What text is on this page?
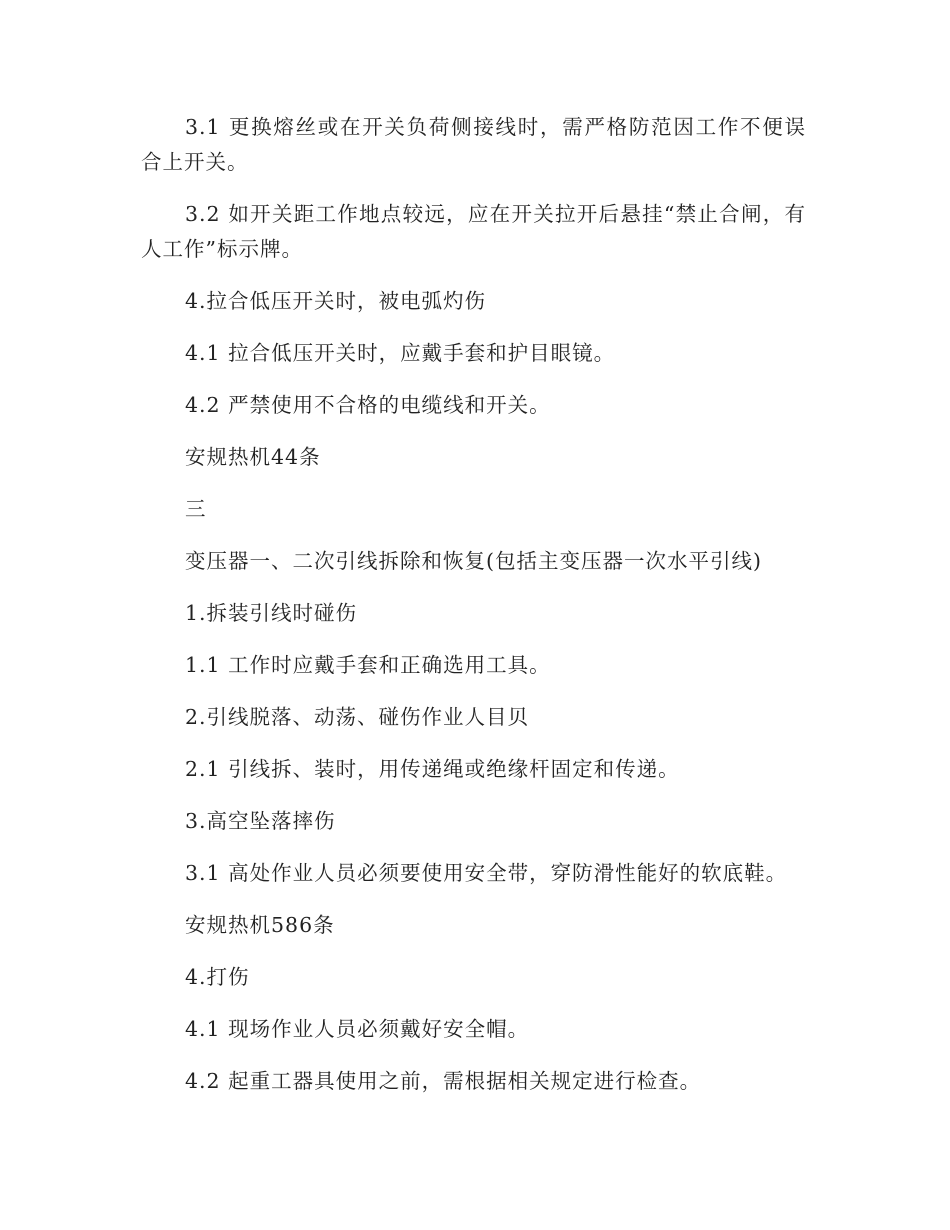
3.1 更换熔丝或在开关负荷侧接线时，需严格防范因工作不便误合上开关。

3.2 如开关距工作地点较远，应在开关拉开后悬挂“禁止合闸，有人工作”标示牌。

4.拉合低压开关时，被电弧灼伤

4.1 拉合低压开关时，应戴手套和护目眼镜。

4.2 严禁使用不合格的电缆线和开关。

安规热机44条

三

变压器一、二次引线拆除和恢复(包括主变压器一次水平引线)

1.拆装引线时碰伤

1.1 工作时应戴手套和正确选用工具。

2.引线脱落、动荡、碰伤作业人目贝

2.1 引线拆、装时，用传递绳或绝缘杆固定和传递。

3.高空坠落摔伤

3.1 高处作业人员必须要使用安全带，穿防滑性能好的软底鞋。

安规热机586条

4.打伤

4.1 现场作业人员必须戴好安全帽。

4.2 起重工器具使用之前，需根据相关规定进行检查。
